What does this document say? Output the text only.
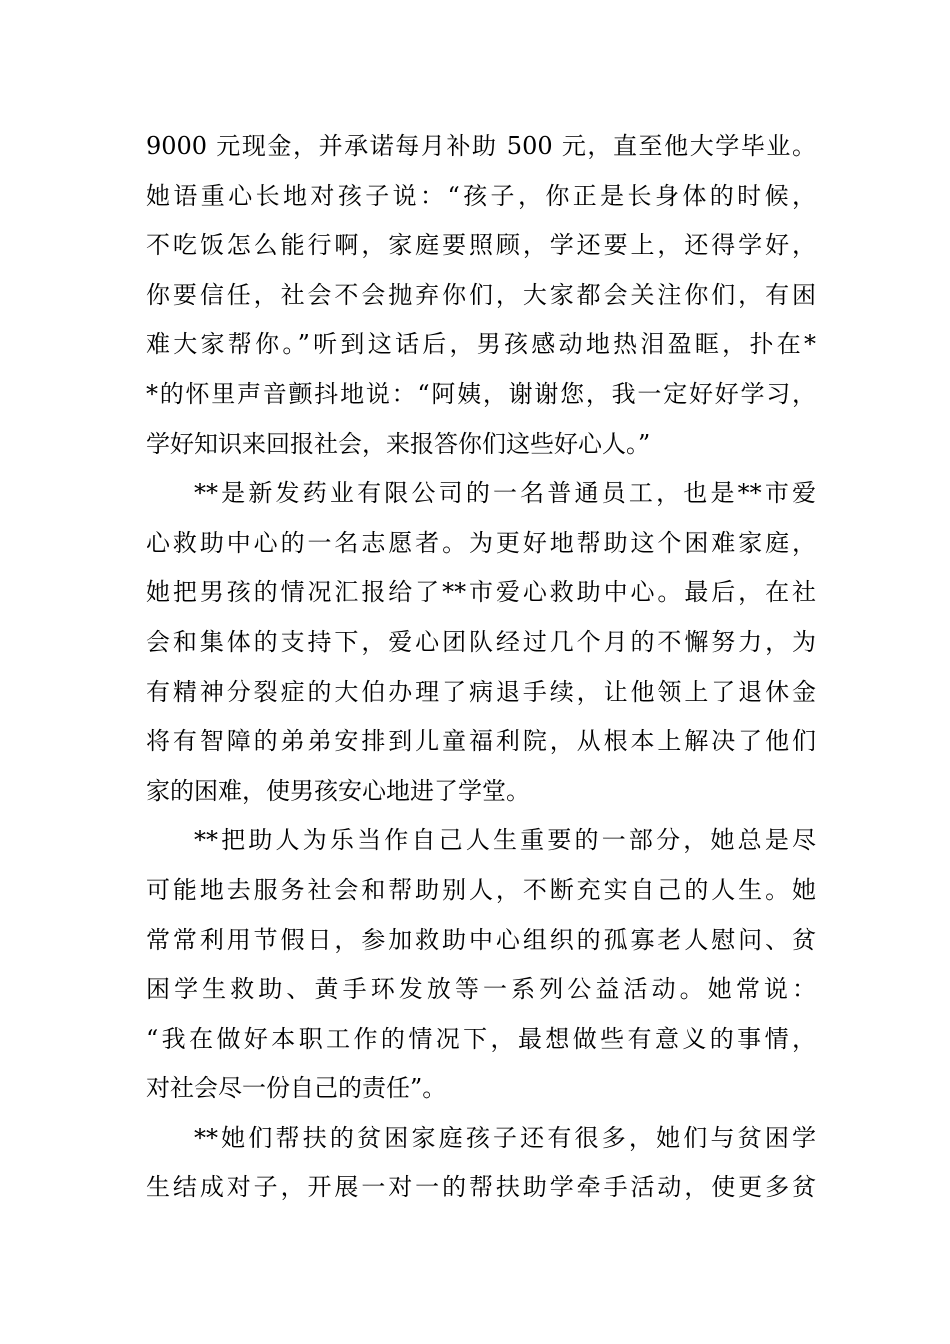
9000 元现金，并承诺每月补助 500 元，直至他大学毕业。
她语重心长地对孩子说：“孩子，你正是长身体的时候，
不吃饭怎么能行啊，家庭要照顾，学还要上，还得学好，
你要信任，社会不会抛弃你们，大家都会关注你们，有困
难大家帮你。”听到这话后，男孩感动地热泪盈眶，扑在*
*的怀里声音颤抖地说：“阿姨，谢谢您，我一定好好学习，
学好知识来回报社会，来报答你们这些好心人。”
**是新发药业有限公司的一名普通员工，也是**市爱
心救助中心的一名志愿者。为更好地帮助这个困难家庭，
她把男孩的情况汇报给了**市爱心救助中心。最后，在社
会和集体的支持下，爱心团队经过几个月的不懈努力，为
有精神分裂症的大伯办理了病退手续，让他领上了退休金
将有智障的弟弟安排到儿童福利院，从根本上解决了他们
家的困难，使男孩安心地进了学堂。
**把助人为乐当作自己人生重要的一部分，她总是尽
可能地去服务社会和帮助别人，不断充实自己的人生。她
常常利用节假日，参加救助中心组织的孤寡老人慰问、贫
困学生救助、黄手环发放等一系列公益活动。她常说：
“我在做好本职工作的情况下，最想做些有意义的事情，
对社会尽一份自己的责任”。
**她们帮扶的贫困家庭孩子还有很多，她们与贫困学
生结成对子，开展一对一的帮扶助学牵手活动，使更多贫
